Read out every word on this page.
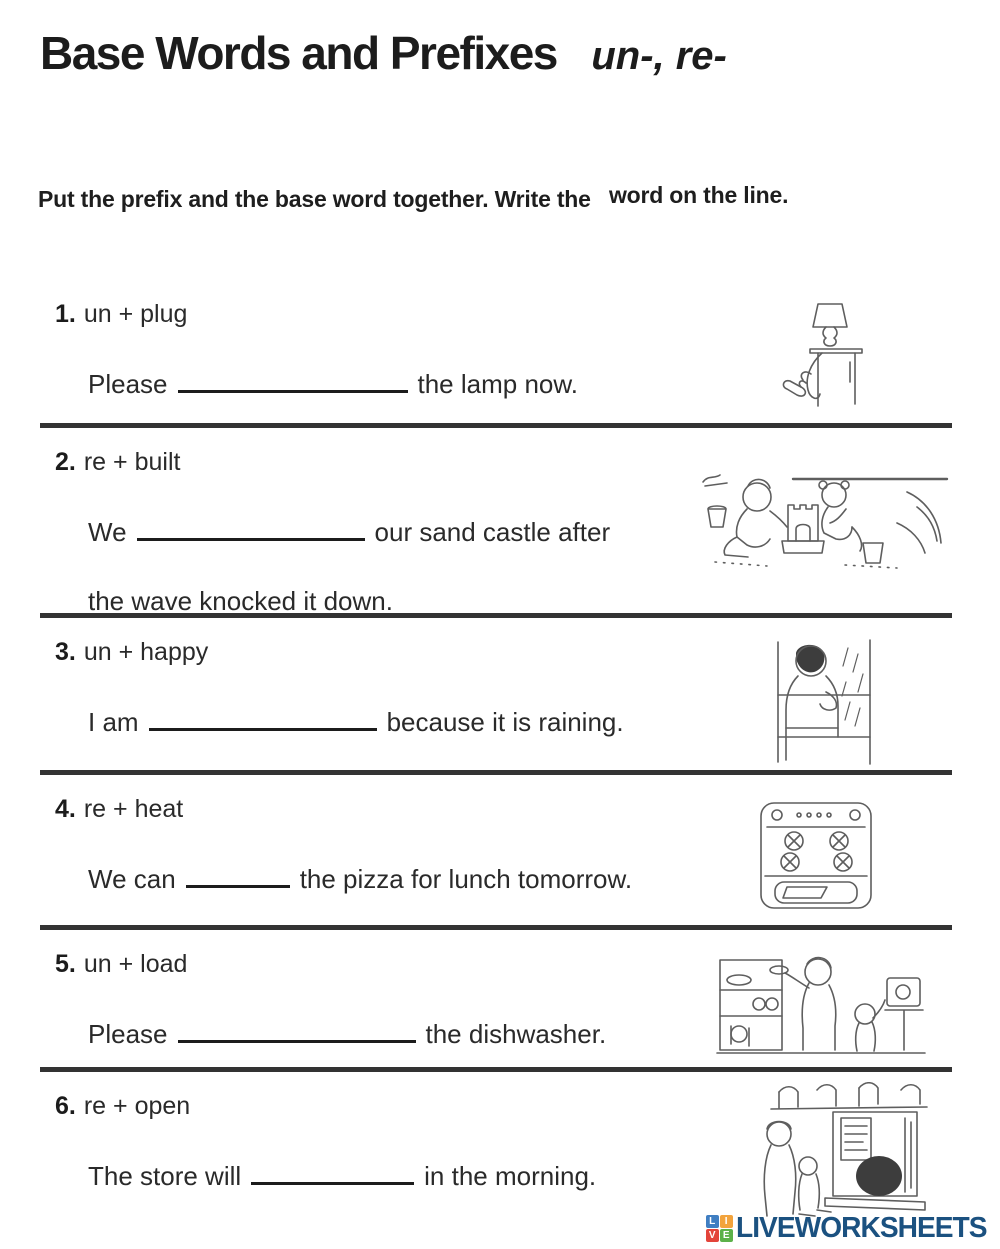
Base Words and Prefixes un-, re-
Put the prefix and the base word together. Write the word on the line.
1. un + plug
Please	the lamp now.
2. re + built
We	our sand castle after
the wave knocked it down.
3. un + happy
I am	because it is raining.
4. re + heat
We can	the pizza for lunch tomorrow.
5. un + load
Please	the dishwasher.
6. re + open
The store will	in the morning.
L I
V E LIVEWORKSHEETS
